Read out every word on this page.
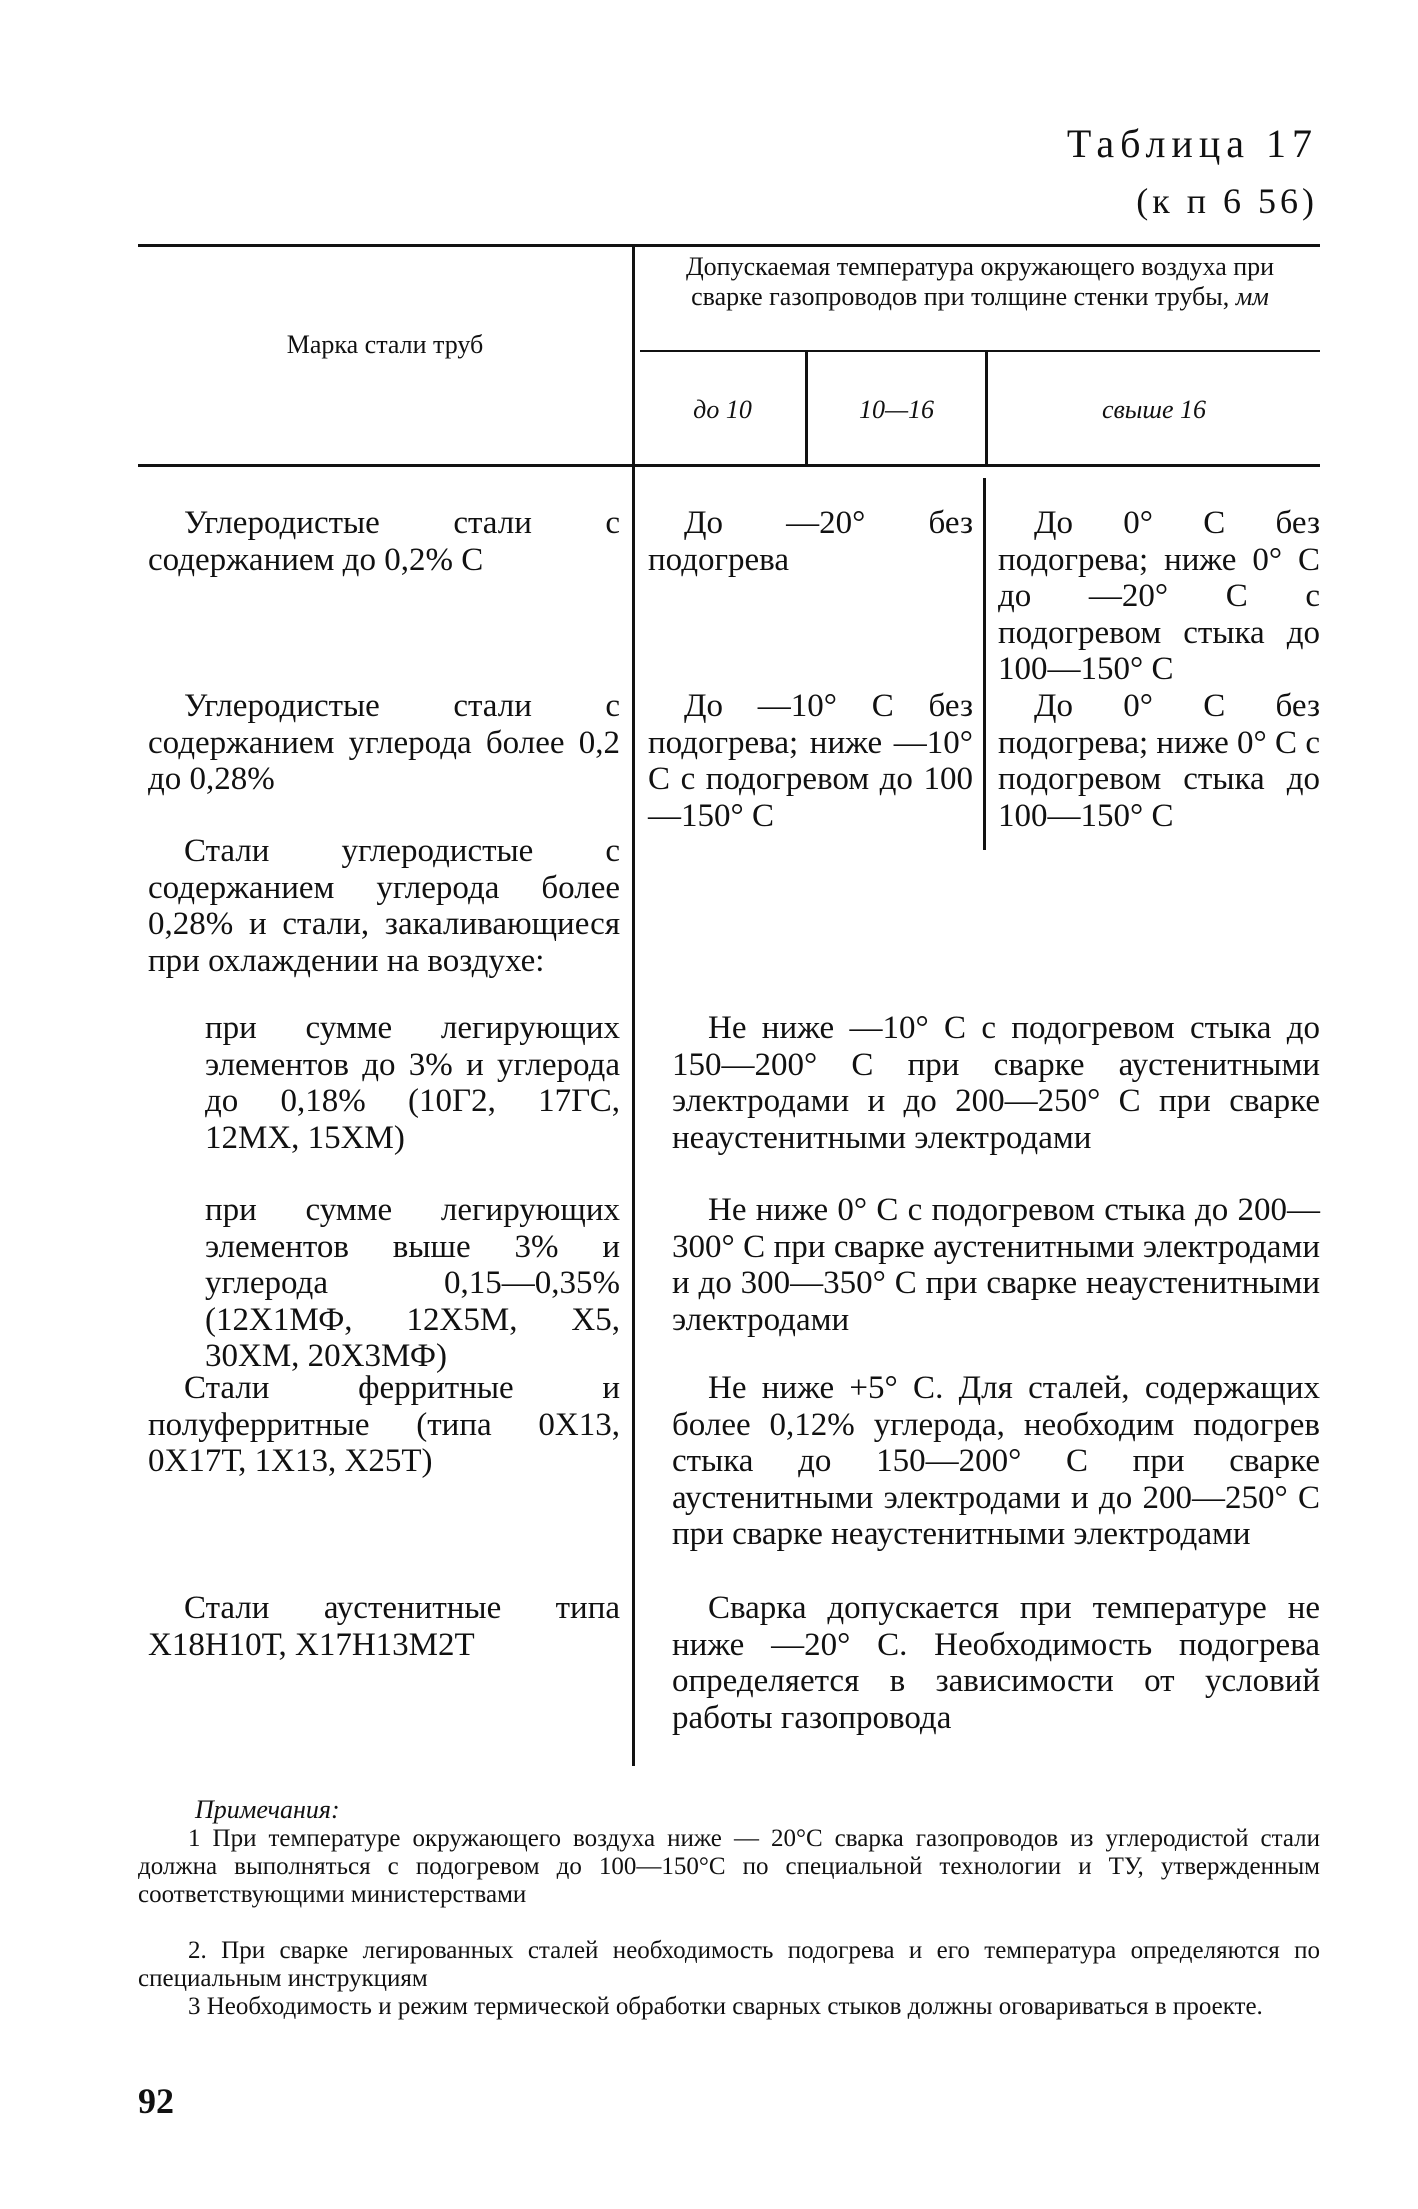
Таблица 17
(к п 6 56)
Марка стали труб
Допускаемая температура окружающего воздуха при сварке газопроводов при толщине стенки трубы, мм
до 10	10—16	свыше 16
Углеродистые стали с содержанием до 0,2% С
До —20° без подогрева
До 0° С без подогрева; ниже 0° С до —20° С с подогревом стыка до 100—150° С
Углеродистые стали с содержанием углерода более 0,2 до 0,28%
До —10° С без подогрева; ниже —10° С с подогревом до 100—150° С
До 0° С без подогрева; ниже 0° С с подогревом стыка до 100—150° С
Стали углеродистые с содержанием углерода более 0,28% и стали, закаливающиеся при охлаждении на воздухе:
при сумме легирующих элементов до 3% и углерода до 0,18% (10Г2, 17ГС, 12МХ, 15ХМ)
Не ниже —10° С с подогревом стыка до 150—200° С при сварке аустенитными электродами и до 200—250° С при сварке неаустенитными электродами
при сумме легирующих элементов выше 3% и углерода 0,15—0,35% (12Х1МФ, 12Х5М, Х5, 30ХМ, 20Х3МФ)
Не ниже 0° С с подогревом стыка до 200—300° С при сварке аустенитными электродами и до 300—350° С при сварке неаустенитными электродами
Стали ферритные и полуферритные (типа 0Х13, 0Х17Т, 1Х13, Х25Т)
Не ниже +5° С. Для сталей, содержащих более 0,12% углерода, необходим подогрев стыка до 150—200° С при сварке аустенитными электродами и до 200—250° С при сварке неаустенитными электродами
Стали аустенитные типа Х18Н10Т, Х17Н13М2Т
Сварка допускается при температуре не ниже —20° С. Необходимость подогрева определяется в зависимости от условий работы газопровода
Примечания:
1 При температуре окружающего воздуха ниже — 20°С сварка газопроводов из углеродистой стали должна выполняться с подогревом до 100—150°С по специальной технологии и ТУ, утвержденным соответствующими министерствами
2. При сварке легированных сталей необходимость подогрева и его температура определяются по специальным инструкциям
3 Необходимость и режим термической обработки сварных стыков должны оговариваться в проекте.
92
